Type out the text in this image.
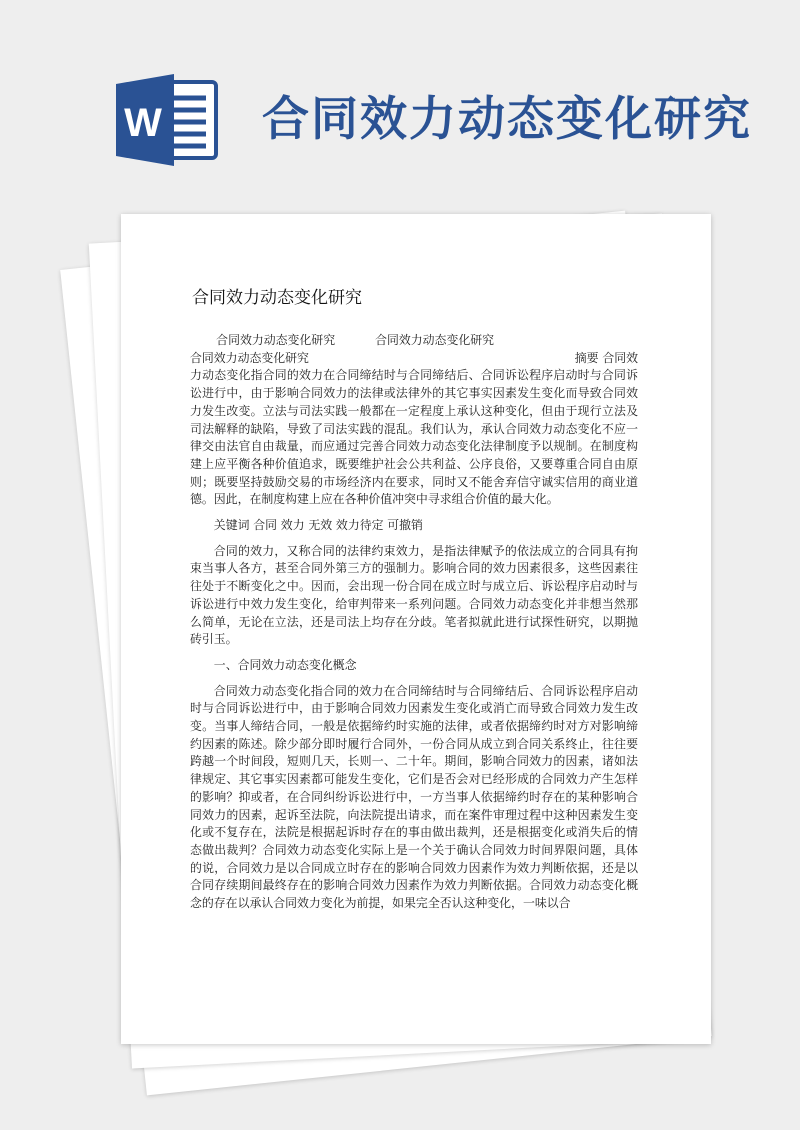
W 合同效力动态变化研究
合同效力动态变化研究

合同效力动态变化研究	合同效力动态变化研究

合同效力动态变化研究	摘要 合同效

力动态变化指合同的效力在合同缔结时与合同缔结后、合同诉讼程序启动时与合同诉讼进行中，由于影响合同效力的法律或法律外的其它事实因素发生变化而导致合同效力发生改变。立法与司法实践一般都在一定程度上承认这种变化，但由于现行立法及司法解释的缺陷，导致了司法实践的混乱。我们认为，承认合同效力动态变化不应一律交由法官自由裁量，而应通过完善合同效力动态变化法律制度予以规制。在制度构建上应平衡各种价值追求，既要维护社会公共利益、公序良俗，又要尊重合同自由原则；既要坚持鼓励交易的市场经济内在要求，同时又不能舍弃信守诚实信用的商业道德。因此，在制度构建上应在各种价值冲突中寻求组合价值的最大化。

关键词 合同 效力 无效 效力待定 可撤销

合同的效力，又称合同的法律约束效力，是指法律赋予的依法成立的合同具有拘束当事人各方，甚至合同外第三方的强制力。影响合同的效力因素很多，这些因素往往处于不断变化之中。因而，会出现一份合同在成立时与成立后、诉讼程序启动时与诉讼进行中效力发生变化，给审判带来一系列问题。合同效力动态变化并非想当然那么简单，无论在立法，还是司法上均存在分歧。笔者拟就此进行试探性研究，以期抛砖引玉。

一、合同效力动态变化概念

合同效力动态变化指合同的效力在合同缔结时与合同缔结后、合同诉讼程序启动时与合同诉讼进行中，由于影响合同效力因素发生变化或消亡而导致合同效力发生改变。当事人缔结合同，一般是依据缔约时实施的法律，或者依据缔约时对方对影响缔约因素的陈述。除少部分即时履行合同外，一份合同从成立到合同关系终止，往往要跨越一个时间段，短则几天，长则一、二十年。期间，影响合同效力的因素，诸如法律规定、其它事实因素都可能发生变化，它们是否会对已经形成的合同效力产生怎样的影响？抑或者，在合同纠纷诉讼进行中，一方当事人依据缔约时存在的某种影响合同效力的因素，起诉至法院，向法院提出请求，而在案件审理过程中这种因素发生变化或不复存在，法院是根据起诉时存在的事由做出裁判，还是根据变化或消失后的情态做出裁判？合同效力动态变化实际上是一个关于确认合同效力时间界限问题，具体的说，合同效力是以合同成立时存在的影响合同效力因素作为效力判断依据，还是以合同存续期间最终存在的影响合同效力因素作为效力判断依据。合同效力动态变化概念的存在以承认合同效力变化为前提，如果完全否认这种变化，一味以合
